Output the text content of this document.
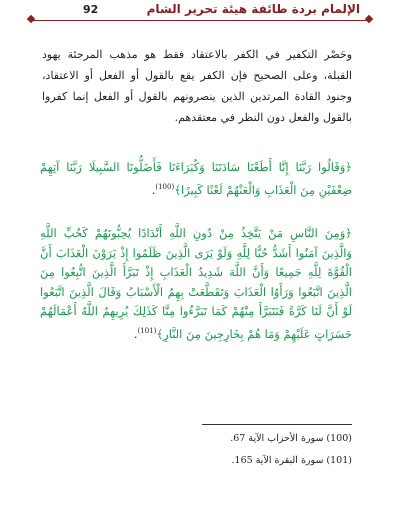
الإلمام بردة طائفة هيئة تحرير الشام
92
وحَصْر التكفير في الكفر بالاعتقاد فقط هو مذهب المرجئة يهود القبلة، وعلى الصحيح فإن الكفر يقع بالقول أو الفعل أو الاعتقاد، وجنود القادة المرتدين الذين ينصرونهم بالقول أو الفعل إنما كفروا بالقول والفعل دون النظر في معتقدهم.
﴿وَقَالُوا رَبَّنَا إِنَّا أَطَعْنَا سَادَتَنَا وَكُبَرَاءَنَا فَأَضَلُّونَا السَّبِيلَا رَبَّنَا آتِهِمْ ضِعْفَيْنِ مِنَ الْعَذَابِ وَالْعَنْهُمْ لَعْنًا كَبِيرًا﴾$^{(100)}$.
﴿وَمِنَ النَّاسِ مَنْ يَتَّخِذُ مِنْ دُونِ اللَّهِ أَنْدَادًا يُحِبُّونَهُمْ كَحُبِّ اللَّهِ وَالَّذِينَ آمَنُوا أَشَدُّ حُبًّا لِلَّهِ وَلَوْ يَرَى الَّذِينَ ظَلَمُوا إِذْ يَرَوْنَ الْعَذَابَ أَنَّ الْقُوَّةَ لِلَّهِ جَمِيعًا وَأَنَّ اللَّهَ شَدِيدُ الْعَذَابِ إِذْ تَبَرَّأَ الَّذِينَ اتُّبِعُوا مِنَ الَّذِينَ اتَّبَعُوا وَرَأَوُا الْعَذَابَ وَتَقَطَّعَتْ بِهِمُ الْأَسْبَابُ وَقَالَ الَّذِينَ اتَّبَعُوا لَوْ أَنَّ لَنَا كَرَّةً فَنَتَبَرَّأَ مِنْهُمْ كَمَا تَبَرَّءُوا مِنَّا كَذَلِكَ يُرِيهِمُ اللَّهُ أَعْمَالَهُمْ حَسَرَاتٍ عَلَيْهِمْ وَمَا هُمْ بِخَارِجِينَ مِنَ النَّارِ﴾$^{(101)}$.
(100) سورة الأحزاب الآية 67.
(101) سورة البقرة الآية 165.
